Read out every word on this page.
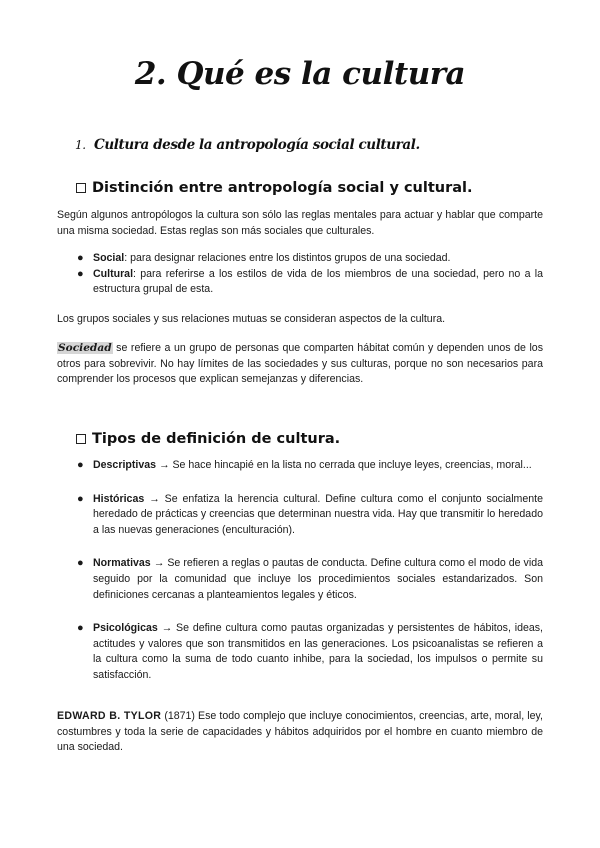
2. Qué es la cultura
1. Cultura desde la antropología social cultural.
Distinción entre antropología social y cultural.
Según algunos antropólogos la cultura son sólo las reglas mentales para actuar y hablar que comparte una misma sociedad. Estas reglas son más sociales que culturales.
● Social: para designar relaciones entre los distintos grupos de una sociedad.
● Cultural: para referirse a los estilos de vida de los miembros de una sociedad, pero no a la estructura grupal de esta.
Los grupos sociales y sus relaciones mutuas se consideran aspectos de la cultura.
Sociedad se refiere a un grupo de personas que comparten hábitat común y dependen unos de los otros para sobrevivir. No hay límites de las sociedades y sus culturas, porque no son necesarios para comprender los procesos que explican semejanzas y diferencias.
Tipos de definición de cultura.
● Descriptivas → Se hace hincapié en la lista no cerrada que incluye leyes, creencias, moral...
● Históricas → Se enfatiza la herencia cultural. Define cultura como el conjunto socialmente heredado de prácticas y creencias que determinan nuestra vida. Hay que transmitir lo heredado a las nuevas generaciones (enculturación).
● Normativas → Se refieren a reglas o pautas de conducta. Define cultura como el modo de vida seguido por la comunidad que incluye los procedimientos sociales estandarizados. Son definiciones cercanas a planteamientos legales y éticos.
● Psicológicas → Se define cultura como pautas organizadas y persistentes de hábitos, ideas, actitudes y valores que son transmitidos en las generaciones. Los psicoanalistas se refieren a la cultura como la suma de todo cuanto inhibe, para la sociedad, los impulsos o permite su satisfacción.
EDWARD B. TYLOR (1871) Ese todo complejo que incluye conocimientos, creencias, arte, moral, ley, costumbres y toda la serie de capacidades y hábitos adquiridos por el hombre en cuanto miembro de una sociedad.
